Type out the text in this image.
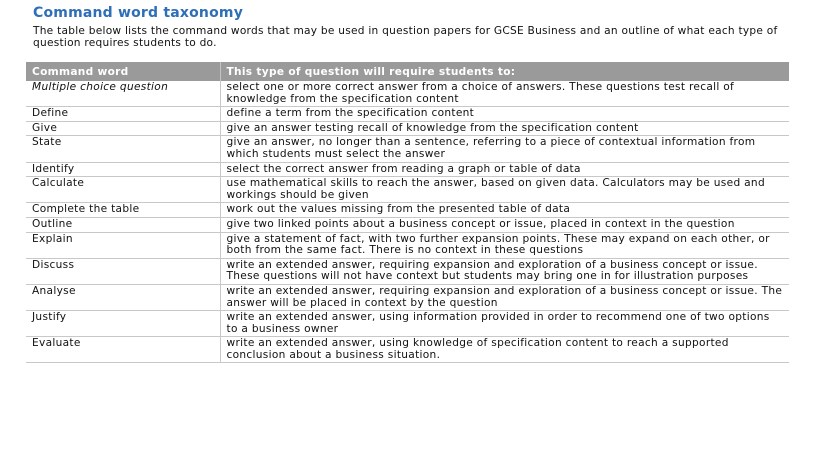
Command word taxonomy
The table below lists the command words that may be used in question papers for GCSE Business and an outline of what each type of question requires students to do.
Command word	This type of question will require students to:
Multiple choice question	select one or more correct answer from a choice of answers. These questions test recall of knowledge from the specification content
Define	define a term from the specification content
Give	give an answer testing recall of knowledge from the specification content
State	give an answer, no longer than a sentence, referring to a piece of contextual information from which students must select the answer
Identify	select the correct answer from reading a graph or table of data
Calculate	use mathematical skills to reach the answer, based on given data. Calculators may be used and workings should be given
Complete the table	work out the values missing from the presented table of data
Outline	give two linked points about a business concept or issue, placed in context in the question
Explain	give a statement of fact, with two further expansion points. These may expand on each other, or both from the same fact. There is no context in these questions
Discuss	write an extended answer, requiring expansion and exploration of a business concept or issue. These questions will not have context but students may bring one in for illustration purposes
Analyse	write an extended answer, requiring expansion and exploration of a business concept or issue. The answer will be placed in context by the question
Justify	write an extended answer, using information provided in order to recommend one of two options to a business owner
Evaluate	write an extended answer, using knowledge of specification content to reach a supported conclusion about a business situation.
